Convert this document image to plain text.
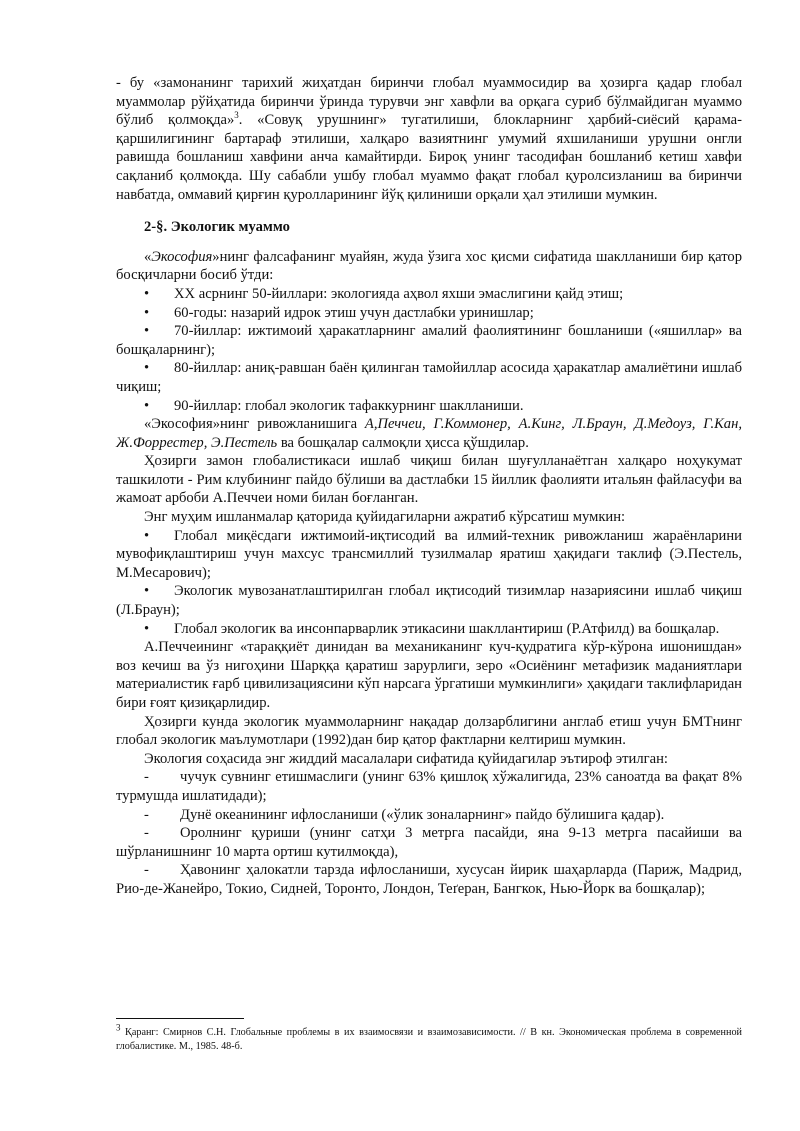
- бу «замонанинг тарихий жиҳатдан биринчи глобал муаммосидир ва ҳозирга қадар глобал муаммолар рўйҳатида биринчи ўринда турувчи энг хавфли ва орқага суриб бўлмайдиган муаммо бўлиб қолмоқда»$^3$. «Совуқ урушнинг» тугатилиши, блокларнинг ҳарбий-сиёсий қарама-қаршилигининг бартараф этилиши, халқаро вазиятнинг умумий яхшиланиши урушни онгли равишда бошланиш хавфини анча камайтирди. Бироқ унинг тасодифан бошланиб кетиш хавфи сақланиб қолмоқда. Шу сабабли ушбу глобал муаммо фақат глобал қуролсизланиш ва биринчи навбатда, оммавий қирғин қуролларининг йўқ қилиниши орқали ҳал этилиши мумкин.

2-§. Экологик муаммо

«Экософия»нинг фалсафанинг муайян, жуда ўзига хос қисми сифатида шаклланиши бир қатор босқичларни босиб ўтди:

• XX асрнинг 50-йиллари: экологияда аҳвол яхши эмаслигини қайд этиш;

• 60-годы: назарий идрок этиш учун дастлабки уринишлар;

• 70-йиллар: ижтимоий ҳаракатларнинг амалий фаолиятининг бошланиши («яшиллар» ва бошқаларнинг);

• 80-йиллар: аниқ-равшан баён қилинган тамойиллар асосида ҳаракатлар амалиётини ишлаб чиқиш;

• 90-йиллар: глобал экологик тафаккурнинг шаклланиши.

«Экософия»нинг ривожланишига А,Печчеи, Г.Коммонер, А.Кинг, Л.Браун, Д.Медоуз, Г.Кан, Ж.Форрестер, Э.Пестель ва бошқалар салмоқли ҳисса қўшдилар.

Ҳозирги замон глобалистикаси ишлаб чиқиш билан шуғулланаётган халқаро ноҳукумат ташкилоти - Рим клубининг пайдо бўлиши ва дастлабки 15 йиллик фаолияти итальян файласуфи ва жамоат арбоби А.Печчеи номи билан боғланган.

Энг муҳим ишланмалар қаторида қуйидагиларни ажратиб кўрсатиш мумкин:

• Глобал миқёсдаги ижтимоий-иқтисодий ва илмий-техник ривожланиш жараёнларини мувофиқлаштириш учун махсус трансмиллий тузилмалар яратиш ҳақидаги таклиф (Э.Пестель, М.Месарович);

• Экологик мувозанатлаштирилган глобал иқтисодий тизимлар назариясини ишлаб чиқиш (Л.Браун);

• Глобал экологик ва инсонпарварлик этикасини шакллантириш (Р.Атфилд) ва бошқалар.

А.Печчеининг «тараққиёт динидан ва механиканинг куч-қудратига кўр-кўрона ишонишдан» воз кечиш ва ўз нигоҳини Шарққа қаратиш зарурлиги, зеро «Осиёнинг метафизик маданиятлари материалистик ғарб цивилизациясини кўп нарсага ўргатиши мумкинлиги» ҳақидаги таклифларидан бири ғоят қизиқарлидир.

Ҳозирги кунда экологик муаммоларнинг нақадар долзарблигини англаб етиш учун БМТнинг глобал экологик маълумотлари (1992)дан бир қатор фактларни келтириш мумкин.

Экология соҳасида энг жиддий масалалари сифатида қуйидагилар эътироф этилган:

- чучук сувнинг етишмаслиги (унинг 63% қишлоқ хўжалигида, 23% саноатда ва фақат 8% турмушда ишлатидади);

- Дунё океанининг ифлосланиши («ўлик зоналарнинг» пайдо бўлишига қадар).

- Оролнинг қуриши (унинг сатҳи 3 метрга пасайди, яна 9-13 метрга пасайиши ва шўрланишнинг 10 марта ортиш кутилмоқда),

- Ҳавонинг ҳалокатли тарзда ифлосланиши, хусусан йирик шаҳарларда (Париж, Мадрид, Рио-де-Жанейро, Токио, Сидней, Торонто, Лондон, Теґеран, Бангкок, Нью-Йорк ва бошқалар);

$^3$ Қаранг: Смирнов С.Н. Глобальные проблемы в их взаимосвязи и взаимозависимости. // В кн. Экономическая проблема в современной глобалистике. М., 1985. 48-б.
